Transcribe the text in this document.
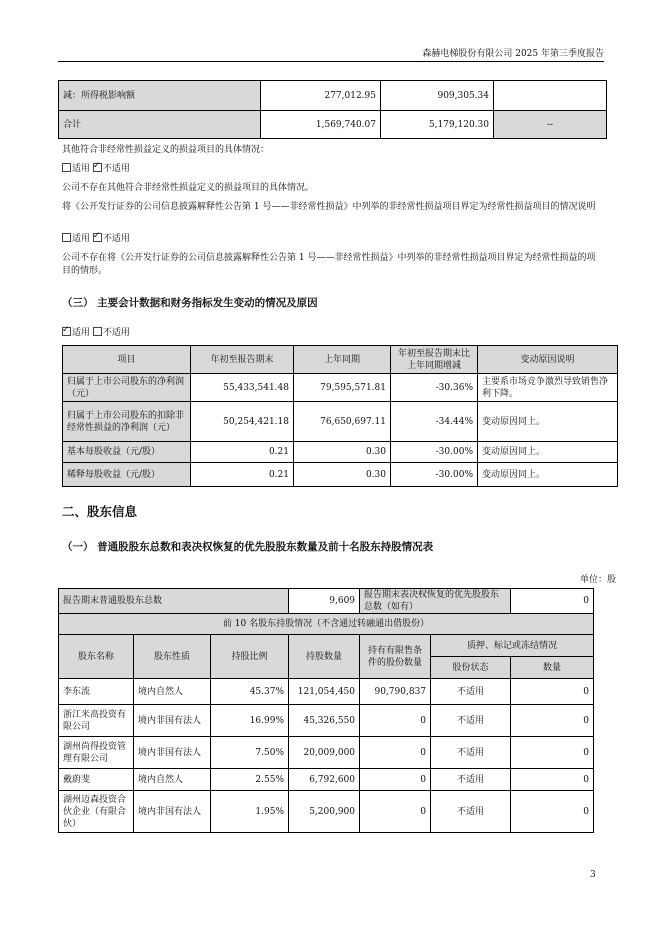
森赫电梯股份有限公司 2025 年第三季度报告
减：所得税影响额	277,012.95	909,305.34	
合计	1,569,740.07	5,179,120.30	--
其他符合非经常性损益定义的损益项目的具体情况：
适用 ✓ 不适用
公司不存在其他符合非经常性损益定义的损益项目的具体情况。
将《公开发行证券的公司信息披露解释性公告第 1 号——非经常性损益》中列举的非经常性损益项目界定为经常性损益项目的情况说明
适用 ✓ 不适用
公司不存在将《公开发行证券的公司信息披露解释性公告第 1 号——非经常性损益》中列举的非经常性损益项目界定为经常性损益的项目的情形。
（三） 主要会计数据和财务指标发生变动的情况及原因
✓适用 不适用
项目	年初至报告期末	上年同期	年初至报告期末比上年同期增减	变动原因说明
归属于上市公司股东的净利润（元）	55,433,541.48	79,595,571.81	-30.36%	主要系市场竞争激烈导致销售净利下降。
归属于上市公司股东的扣除非经常性损益的净利润（元）	50,254,421.18	76,650,697.11	-34.44%	变动原因同上。
基本每股收益（元/股）	0.21	0.30	-30.00%	变动原因同上。
稀释每股收益（元/股）	0.21	0.30	-30.00%	变动原因同上。
二、股东信息
（一） 普通股股东总数和表决权恢复的优先股股东数量及前十名股东持股情况表
单位：股
报告期末普通股股东总数			9,609	报告期末表决权恢复的优先股股东总数（如有）		0
前 10 名股东持股情况（不含通过转融通出借股份）						
股东名称	股东性质	持股比例	持股数量	持有有限售条件的股份数量	质押、标记或冻结情况	
					股份状态	数量
李东流	境内自然人	45.37%	121,054,450	90,790,837	不适用	0
浙江米高投资有限公司	境内非国有法人	16.99%	45,326,550	0	不适用	0
湖州尚得投资管理有限公司	境内非国有法人	7.50%	20,009,000	0	不适用	0
戴蔚斐	境内自然人	2.55%	6,792,600	0	不适用	0
湖州迈森投资合伙企业（有限合伙）	境内非国有法人	1.95%	5,200,900	0	不适用	0
3
